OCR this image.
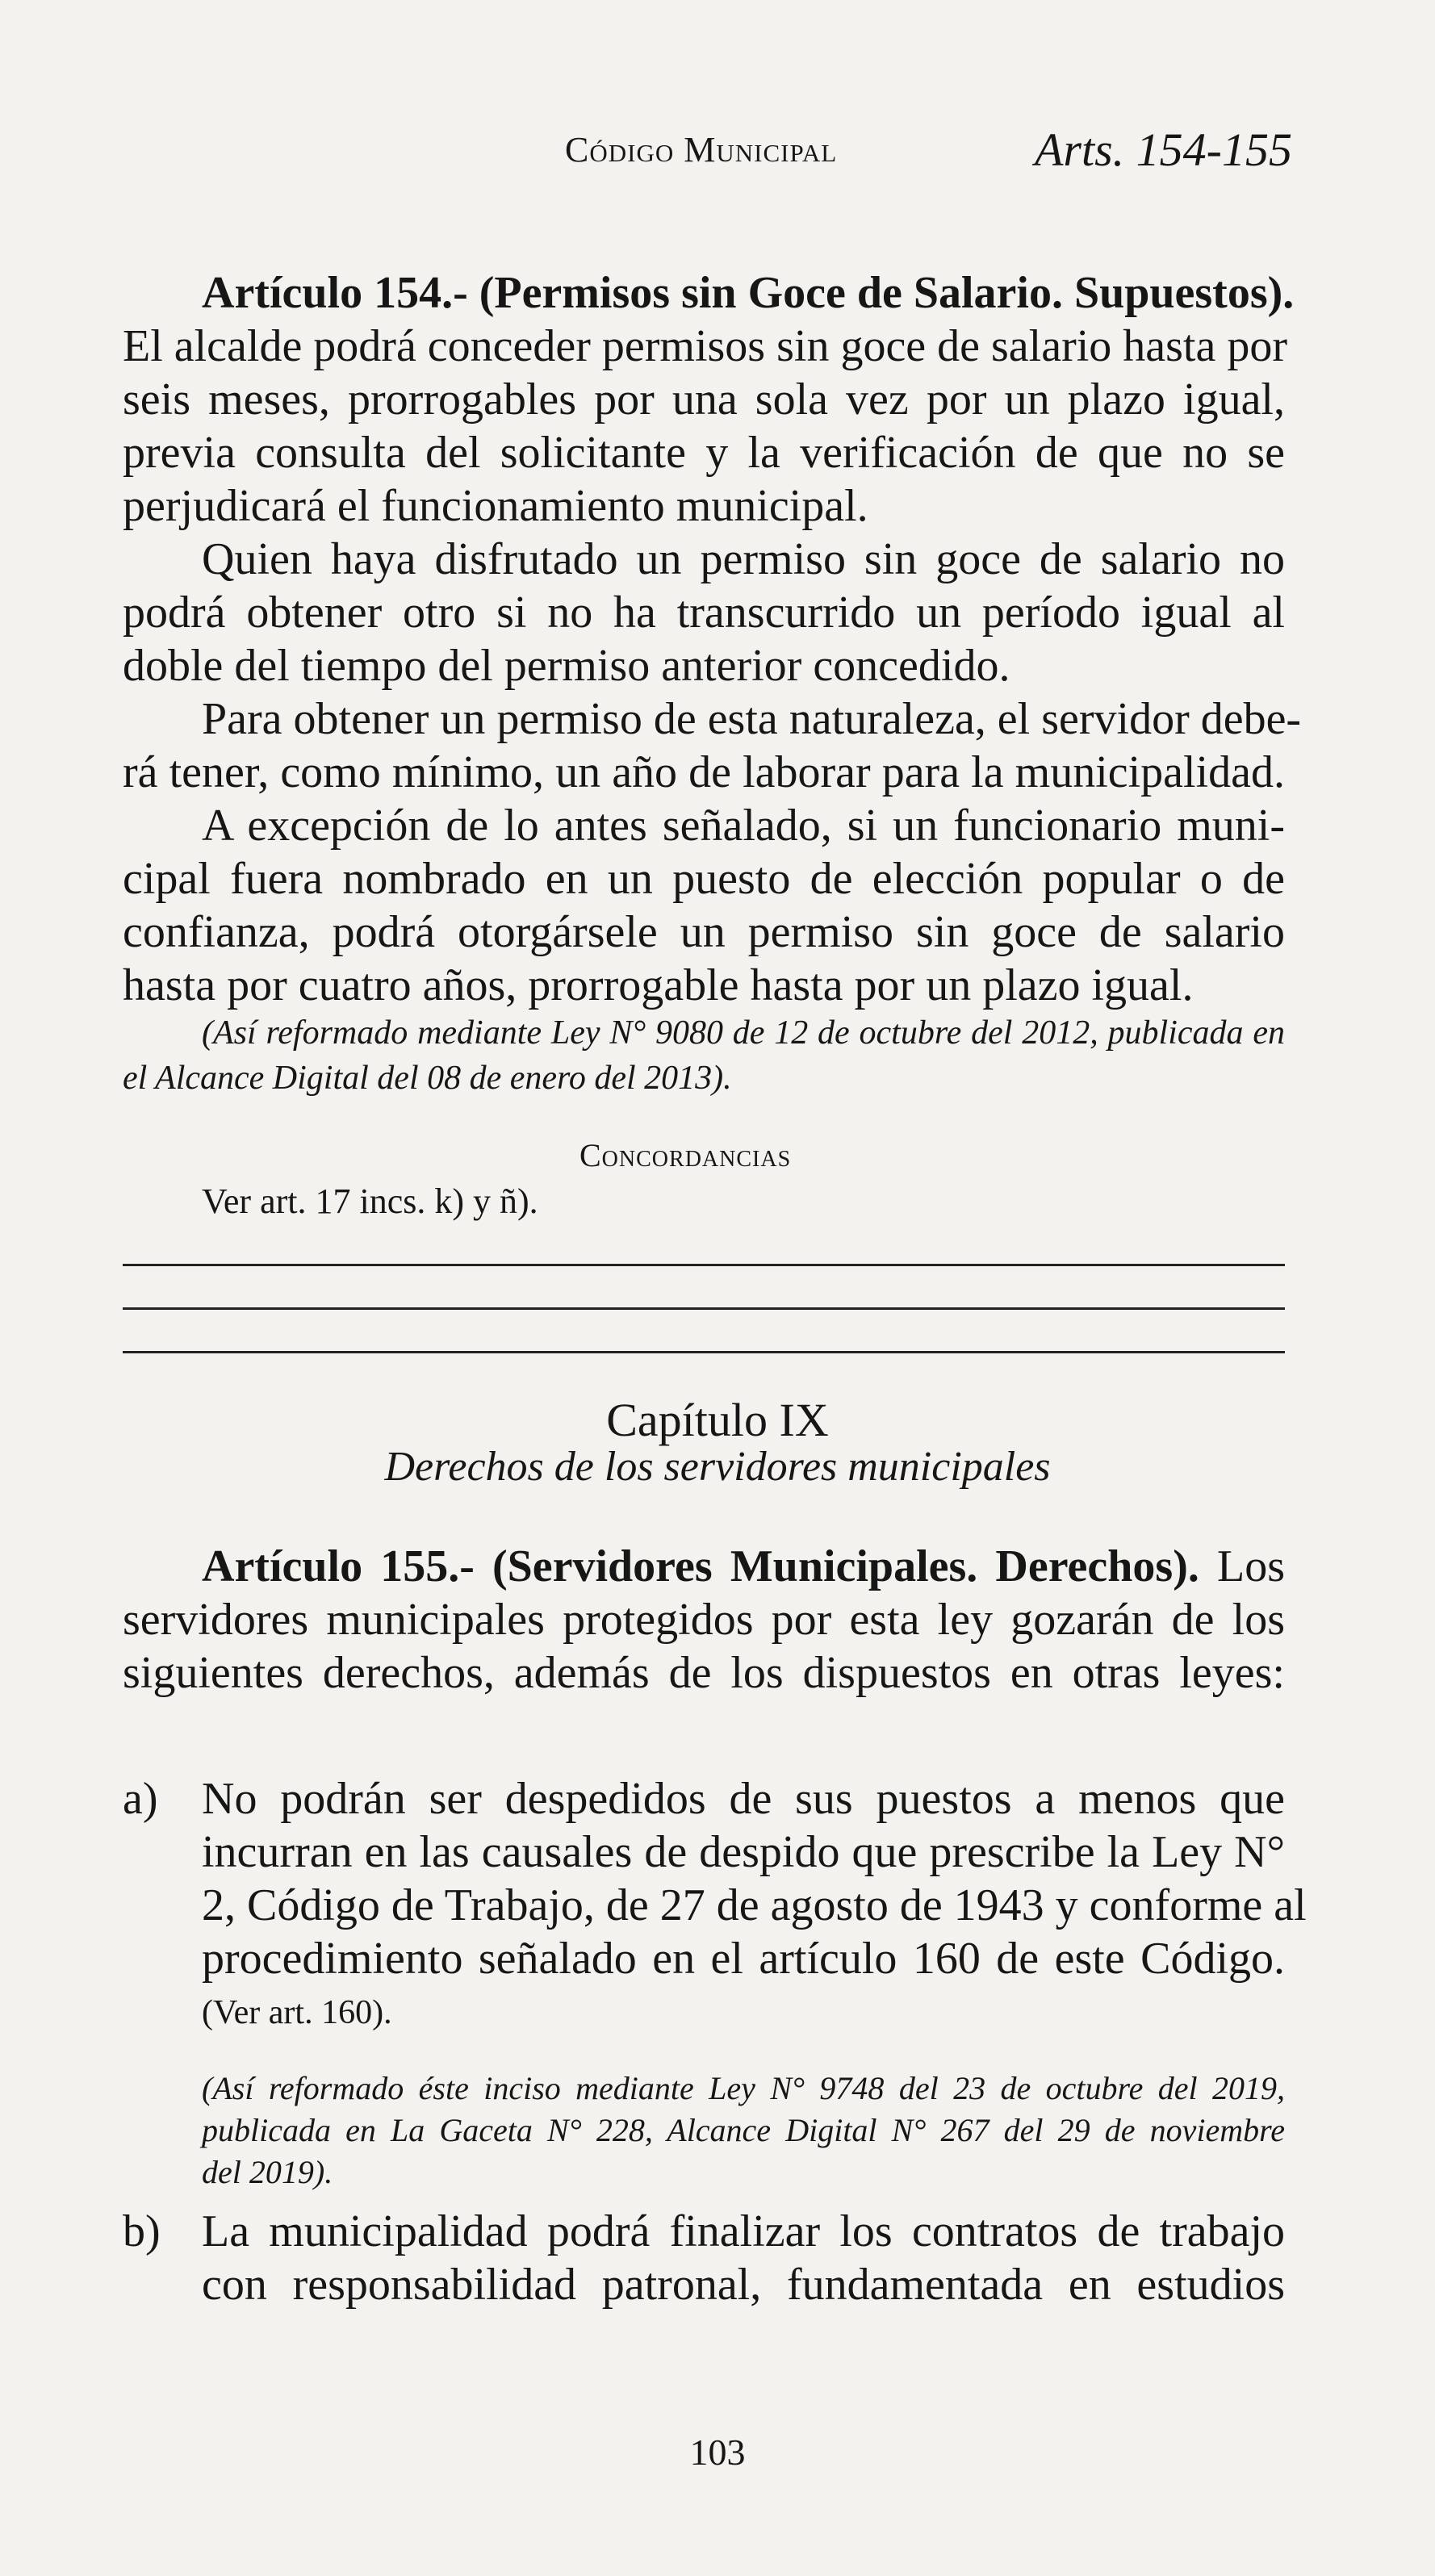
Código Municipal	Arts. 154-155
Artículo 154.- (Permisos sin Goce de Salario. Supuestos).
El alcalde podrá conceder permisos sin goce de salario hasta por
seis meses, prorrogables por una sola vez por un plazo igual,
previa consulta del solicitante y la verificación de que no se
perjudicará el funcionamiento municipal.
Quien haya disfrutado un permiso sin goce de salario no
podrá obtener otro si no ha transcurrido un período igual al
doble del tiempo del permiso anterior concedido.
Para obtener un permiso de esta naturaleza, el servidor debe-
rá tener, como mínimo, un año de laborar para la municipalidad.
A excepción de lo antes señalado, si un funcionario muni-
cipal fuera nombrado en un puesto de elección popular o de
confianza, podrá otorgársele un permiso sin goce de salario
hasta por cuatro años, prorrogable hasta por un plazo igual.
(Así reformado mediante Ley N° 9080 de 12 de octubre del 2012, publicada en
el Alcance Digital del 08 de enero del 2013).
Concordancias
Ver art. 17 incs. k) y ñ).
Capítulo IX
Derechos de los servidores municipales
Artículo 155.- (Servidores Municipales. Derechos). Los
servidores municipales protegidos por esta ley gozarán de los
siguientes derechos, además de los dispuestos en otras leyes:
a) No podrán ser despedidos de sus puestos a menos que
incurran en las causales de despido que prescribe la Ley N°
2, Código de Trabajo, de 27 de agosto de 1943 y conforme al
procedimiento señalado en el artículo 160 de este Código.
(Ver art. 160).
(Así reformado éste inciso mediante Ley N° 9748 del 23 de octubre del 2019,
publicada en La Gaceta N° 228, Alcance Digital N° 267 del 29 de noviembre
del 2019).
b) La municipalidad podrá finalizar los contratos de trabajo
con responsabilidad patronal, fundamentada en estudios
103
